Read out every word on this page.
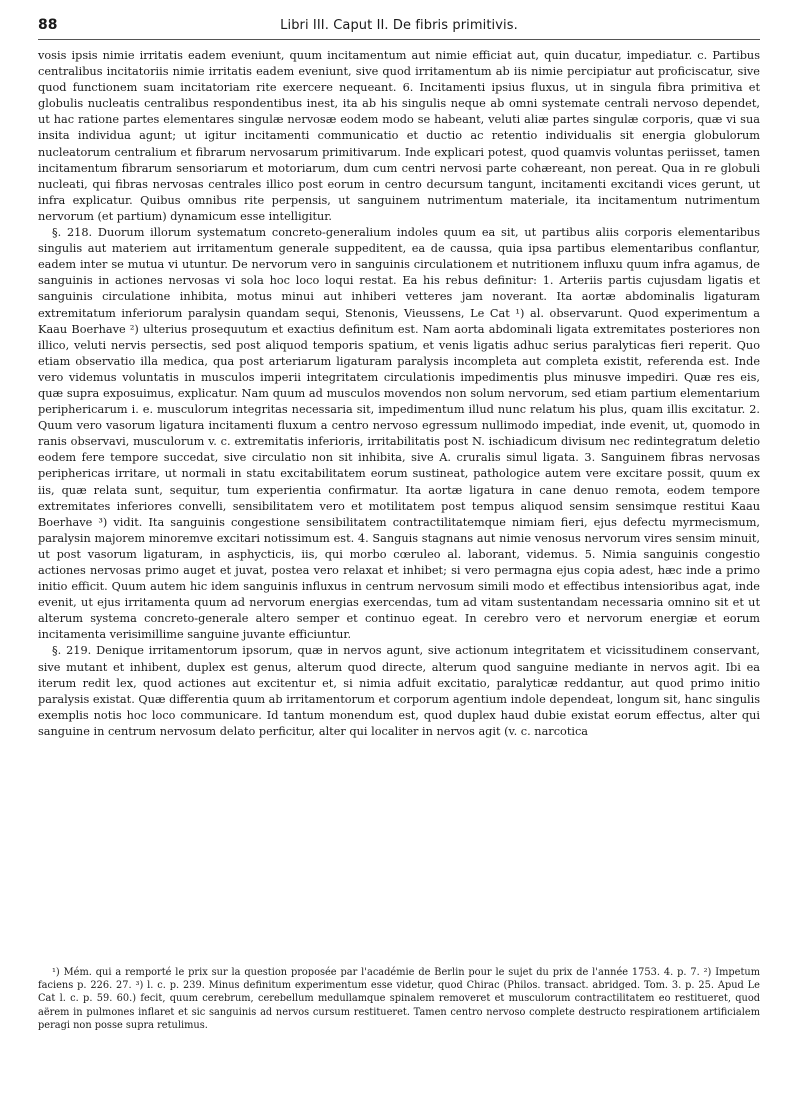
88	Libri III. Caput II. De fibris primitivis.

vosis ipsis nimie irritatis eadem eveniunt, quum incitamentum aut nimie efficiat aut, quin ducatur, impediatur. c. Partibus centralibus incitatoriis nimie irritatis eadem eveniunt, sive quod irritamentum ab iis nimie percipiatur aut proficiscatur, sive quod functionem suam incitatoriam rite exercere nequeant. 6. Incitamenti ipsius fluxus, ut in singula fibra primitiva et globulis nucleatis centralibus respondentibus inest, ita ab his singulis neque ab omni systemate centrali nervoso dependet, ut hac ratione partes elementares singulæ nervosæ eodem modo se habeant, veluti aliæ partes singulæ corporis, quæ vi sua insita individua agunt; ut igitur incitamenti communicatio et ductio ac retentio individualis sit energia globulorum nucleatorum centralium et fibrarum nervosarum primitivarum. Inde explicari potest, quod quamvis voluntas periisset, tamen incitamentum fibrarum sensoriarum et motoriarum, dum cum centri nervosi parte cohæreant, non pereat. Qua in re globuli nucleati, qui fibras nervosas centrales illico post eorum in centro decursum tangunt, incitamenti excitandi vices gerunt, ut infra explicatur. Quibus omnibus rite perpensis, ut sanguinem nutrimentum materiale, ita incitamentum nutrimentum nervorum (et partium) dynamicum esse intelligitur.

§. 218. Duorum illorum systematum concreto-generalium indoles quum ea sit, ut partibus aliis corporis elementaribus singulis aut materiem aut irritamentum generale suppeditent, ea de caussa, quia ipsa partibus elementaribus conflantur, eadem inter se mutua vi utuntur. De nervorum vero in sanguinis circulationem et nutritionem influxu quum infra agamus, de sanguinis in actiones nervosas vi sola hoc loco loqui restat. Ea his rebus definitur: 1. Arteriis partis cujusdam ligatis et sanguinis circulatione inhibita, motus minui aut inhiberi vetteres jam noverant. Ita aortæ abdominalis ligaturam extremitatum inferiorum paralysin quandam sequi, Stenonis, Vieussens, Le Cat ¹) al. observarunt. Quod experimentum a Kaau Boerhave ²) ulterius prosequutum et exactius definitum est. Nam aorta abdominali ligata extremitates posteriores non illico, veluti nervis persectis, sed post aliquod temporis spatium, et venis ligatis adhuc serius paralyticas fieri reperit. Quo etiam observatio illa medica, qua post arteriarum ligaturam paralysis incompleta aut completa existit, referenda est. Inde vero videmus voluntatis in musculos imperii integritatem circulationis impedimentis plus minusve impediri. Quæ res eis, quæ supra exposuimus, explicatur. Nam quum ad musculos movendos non solum nervorum, sed etiam partium elementarium periphericarum i. e. musculorum integritas necessaria sit, impedimentum illud nunc relatum his plus, quam illis excitatur. 2. Quum vero vasorum ligatura incitamenti fluxum a centro nervoso egressum nullimodo impediat, inde evenit, ut, quomodo in ranis observavi, musculorum v. c. extremitatis inferioris, irritabilitatis post N. ischiadicum divisum nec redintegratum deletio eodem fere tempore succedat, sive circulatio non sit inhibita, sive A. cruralis simul ligata. 3. Sanguinem fibras nervosas periphericas irritare, ut normali in statu excitabilitatem eorum sustineat, pathologice autem vere excitare possit, quum ex iis, quæ relata sunt, sequitur, tum experientia confirmatur. Ita aortæ ligatura in cane denuo remota, eodem tempore extremitates inferiores convelli, sensibilitatem vero et motilitatem post tempus aliquod sensim sensimque restitui Kaau Boerhave ³) vidit. Ita sanguinis congestione sensibilitatem contractilitatemque nimiam fieri, ejus defectu myrmecismum, paralysin majorem minoremve excitari notissimum est. 4. Sanguis stagnans aut nimie venosus nervorum vires sensim minuit, ut post vasorum ligaturam, in asphycticis, iis, qui morbo cœruleo al. laborant, videmus. 5. Nimia sanguinis congestio actiones nervosas primo auget et juvat, postea vero relaxat et inhibet; si vero permagna ejus copia adest, hæc inde a primo initio efficit. Quum autem hic idem sanguinis influxus in centrum nervosum simili modo et effectibus intensioribus agat, inde evenit, ut ejus irritamenta quum ad nervorum energias exercendas, tum ad vitam sustentandam necessaria omnino sit et ut alterum systema concreto-generale altero semper et continuo egeat. In cerebro vero et nervorum energiæ et eorum incitamenta verisimillime sanguine juvante efficiuntur.

§. 219. Denique irritamentorum ipsorum, quæ in nervos agunt, sive actionum integritatem et vicissitudinem conservant, sive mutant et inhibent, duplex est genus, alterum quod directe, alterum quod sanguine mediante in nervos agit. Ibi ea iterum redit lex, quod actiones aut excitentur et, si nimia adfuit excitatio, paralyticæ reddantur, aut quod primo initio paralysis existat. Quæ differentia quum ab irritamentorum et corporum agentium indole dependeat, longum sit, hanc singulis exemplis notis hoc loco communicare. Id tantum monendum est, quod duplex haud dubie existat eorum effectus, alter qui sanguine in centrum nervosum delato perficitur, alter qui localiter in nervos agit (v. c. narcotica

¹) Mém. qui a remporté le prix sur la question proposée par l'académie de Berlin pour le sujet du prix de l'année 1753. 4. p. 7. ²) Impetum faciens p. 226. 27. ³) l. c. p. 239. Minus definitum experimentum esse videtur, quod Chirac (Philos. transact. abridged. Tom. 3. p. 25. Apud Le Cat l. c. p. 59. 60.) fecit, quum cerebrum, cerebellum medullamque spinalem removeret et musculorum contractilitatem eo restitueret, quod aërem in pulmones inflaret et sic sanguinis ad nervos cursum restitueret. Tamen centro nervoso complete destructo respirationem artificialem peragi non posse supra retulimus.
